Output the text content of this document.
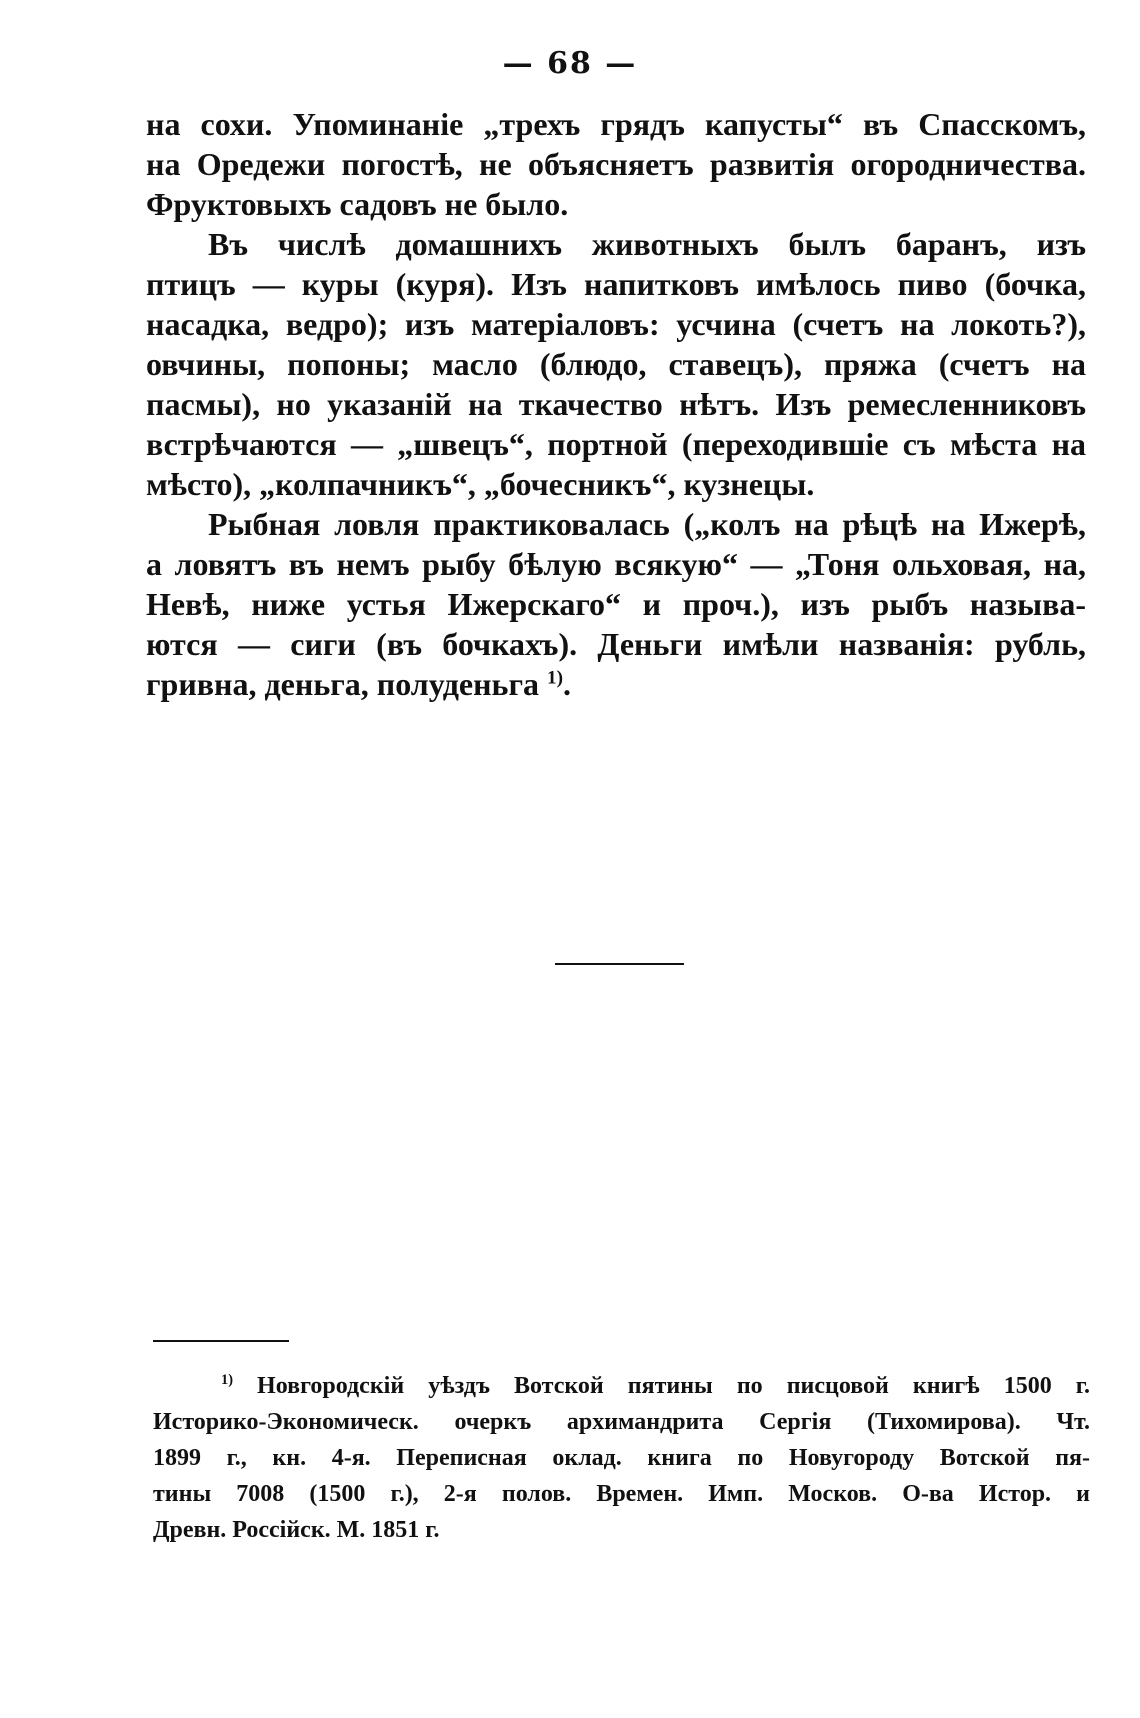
— 68 —
на сохи. Упоминаніе „трехъ грядъ капусты“ въ Спасскомъ,
на Оредежи погостѣ, не объясняетъ развитія огородничества.
Фруктовыхъ садовъ не было.
Въ числѣ домашнихъ животныхъ былъ баранъ, изъ
птицъ — куры (куря). Изъ напитковъ имѣлось пиво (бочка,
насадка, ведро); изъ матеріаловъ: усчина (счетъ на локоть?),
овчины, попоны; масло (блюдо, ставецъ), пряжа (счетъ на
пасмы), но указаній на ткачество нѣтъ. Изъ ремесленниковъ
встрѣчаются — „швецъ“, портной (переходившіе съ мѣста на
мѣсто), „колпачникъ“, „бочесникъ“, кузнецы.
Рыбная ловля практиковалась („колъ на рѣцѣ на Ижерѣ,
а ловятъ въ немъ рыбу бѣлую всякую“ — „Тоня ольховая, на,
Невѣ, ниже устья Ижерскаго“ и проч.), изъ рыбъ называ-
ются — сиги (въ бочкахъ). Деньги имѣли названія: рубль,
гривна, деньга, полуденьга $^{1)}$.
$^{1)}$ Новгородскій уѣздъ Вотской пятины по писцовой книгѣ 1500 г.
Историко-Экономическ. очеркъ архимандрита Сергія (Тихомирова). Чт.
1899 г., кн. 4-я. Переписная оклад. книга по Новугороду Вотской пя-
тины 7008 (1500 г.), 2-я полов. Времен. Имп. Москов. О-ва Истор. и
Древн. Россійск. М. 1851 г.
